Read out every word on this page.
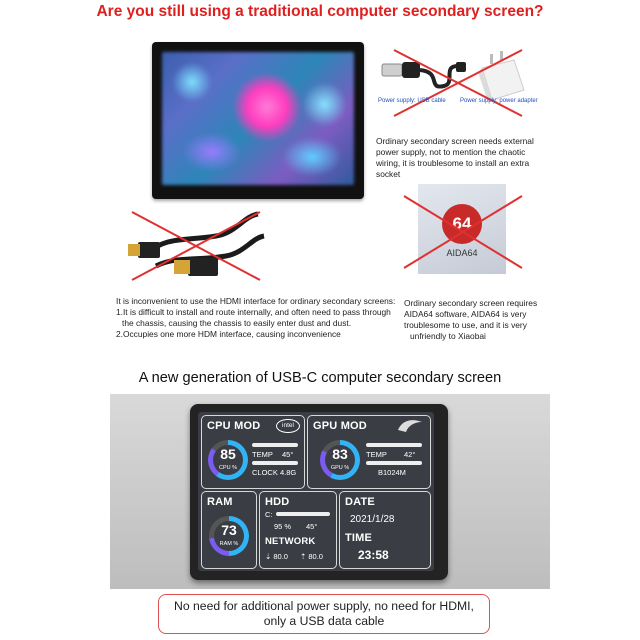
Are you still using a traditional computer secondary screen?
Power supply: USB cable Power supply: power adapter
Ordinary secondary screen needs external
power supply, not to mention the chaotic
wiring, it is troublesome to install an extra socket
It is inconvenient to use the HDMI interface for ordinary secondary screens:
1.It is difficult to install and route internally, and often need to pass through
the chassis, causing the chassis to easily enter dust and dust.
2.Occupies one more HDM interface, causing inconvenience
64
AIDA64
Ordinary secondary screen requires
AIDA64 software, AIDA64 is very
troublesome to use, and it is very
unfriendly to Xiaobai
A new generation of USB-C computer secondary screen
CPU MOD	intel
85
CPU %
TEMP 45°
CLOCK 4.8G
GPU MOD
83
GPU %
TEMP 42°
B1024M
RAM
73
RAM %
HDD
C:
95 % 45°
NETWORK
⇣ 80.0 ⇡ 80.0
DATE
2021/1/28
TIME
23:58
No need for additional power supply, no need for HDMI,
only a USB data cable
